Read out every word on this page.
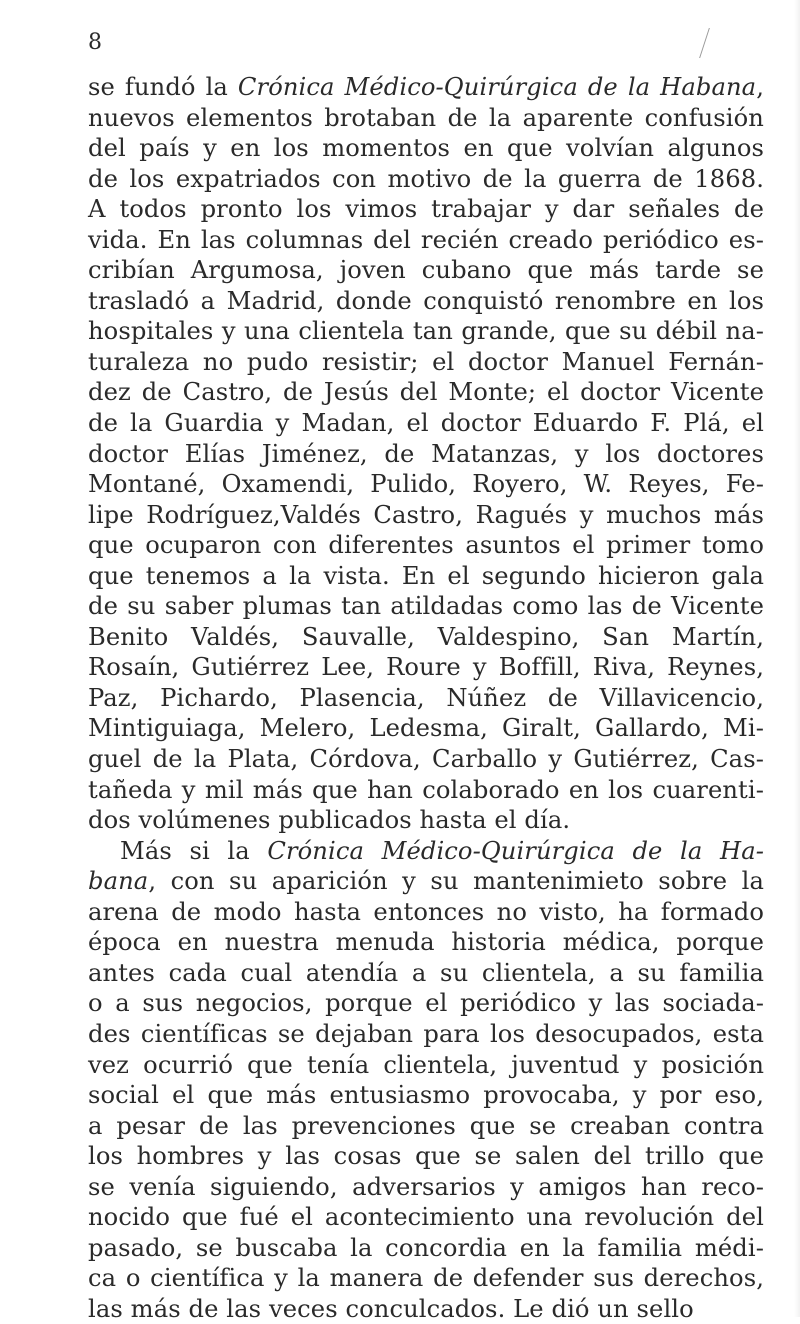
8
se fundó la Crónica Médico-Quirúrgica de la Habana,
nuevos elementos brotaban de la aparente confusión
del país y en los momentos en que volvían algunos
de los expatriados con motivo de la guerra de 1868.
A todos pronto los vimos trabajar y dar señales de
vida. En las columnas del recién creado periódico es-
cribían Argumosa, joven cubano que más tarde se
trasladó a Madrid, donde conquistó renombre en los
hospitales y una clientela tan grande, que su débil na-
turaleza no pudo resistir; el doctor Manuel Fernán-
dez de Castro, de Jesús del Monte; el doctor Vicente
de la Guardia y Madan, el doctor Eduardo F. Plá, el
doctor Elías Jiménez, de Matanzas, y los doctores
Montané, Oxamendi, Pulido, Royero, W. Reyes, Fe-
lipe Rodríguez,Valdés Castro, Ragués y muchos más
que ocuparon con diferentes asuntos el primer tomo
que tenemos a la vista. En el segundo hicieron gala
de su saber plumas tan atildadas como las de Vicente
Benito Valdés, Sauvalle, Valdespino, San Martín,
Rosaín, Gutiérrez Lee, Roure y Boffill, Riva, Reynes,
Paz, Pichardo, Plasencia, Núñez de Villavicencio,
Mintiguiaga, Melero, Ledesma, Giralt, Gallardo, Mi-
guel de la Plata, Córdova, Carballo y Gutiérrez, Cas-
tañeda y mil más que han colaborado en los cuarenti-
dos volúmenes publicados hasta el día.
Más si la Crónica Médico-Quirúrgica de la Ha-
bana, con su aparición y su mantenimieto sobre la
arena de modo hasta entonces no visto, ha formado
época en nuestra menuda historia médica, porque
antes cada cual atendía a su clientela, a su familia
o a sus negocios, porque el periódico y las sociada-
des científicas se dejaban para los desocupados, esta
vez ocurrió que tenía clientela, juventud y posición
social el que más entusiasmo provocaba, y por eso,
a pesar de las prevenciones que se creaban contra
los hombres y las cosas que se salen del trillo que
se venía siguiendo, adversarios y amigos han reco-
nocido que fué el acontecimiento una revolución del
pasado, se buscaba la concordia en la familia médi-
ca o científica y la manera de defender sus derechos,
las más de las veces conculcados. Le dió un sello
